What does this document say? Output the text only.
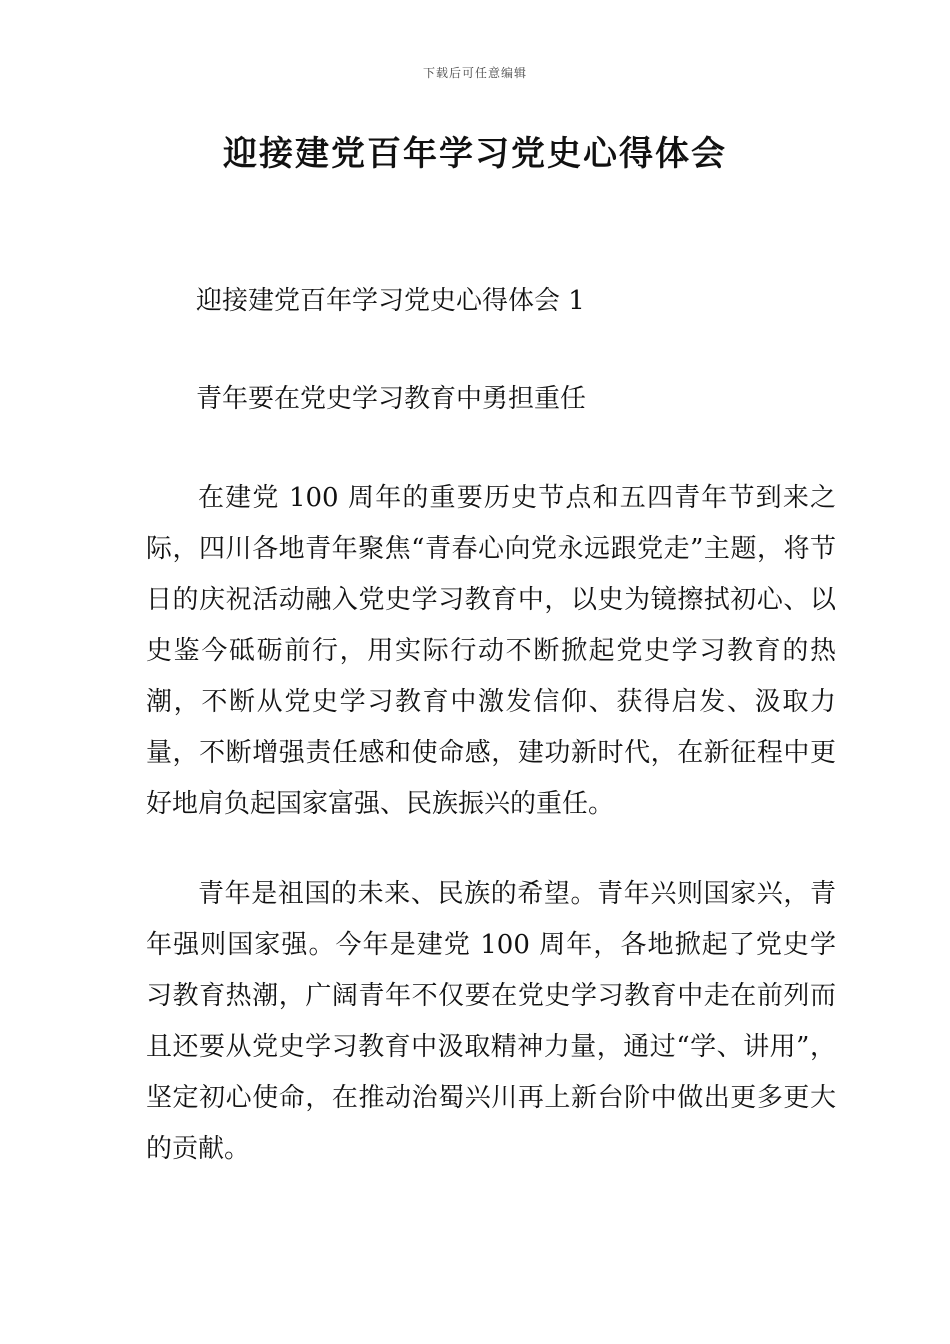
下载后可任意编辑
迎接建党百年学习党史心得体会
迎接建党百年学习党史心得体会 1
青年要在党史学习教育中勇担重任

在建党 100 周年的重要历史节点和五四青年节到来之际，四川各地青年聚焦“青春心向党永远跟党走”主题，将节日的庆祝活动融入党史学习教育中，以史为镜擦拭初心、以史鉴今砥砺前行，用实际行动不断掀起党史学习教育的热潮，不断从党史学习教育中激发信仰、获得启发、汲取力量，不断增强责任感和使命感，建功新时代，在新征程中更好地肩负起国家富强、民族振兴的重任。

青年是祖国的未来、民族的希望。青年兴则国家兴，青年强则国家强。今年是建党 100 周年，各地掀起了党史学习教育热潮，广阔青年不仅要在党史学习教育中走在前列而且还要从党史学习教育中汲取精神力量，通过“学、讲用”，坚定初心使命，在推动治蜀兴川再上新台阶中做出更多更大的贡献。
